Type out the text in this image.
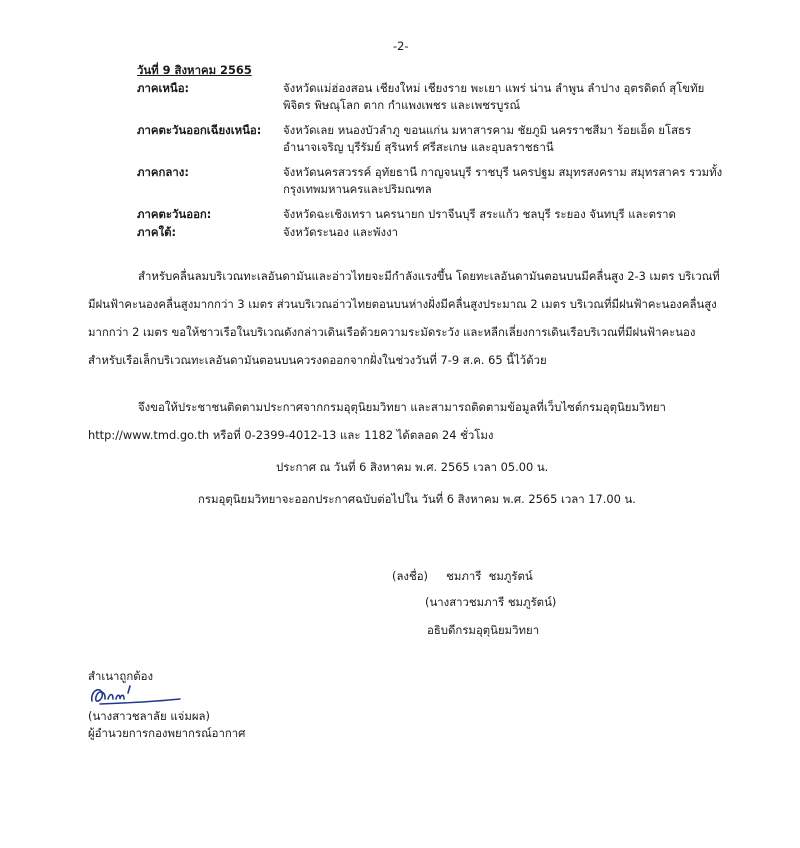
-2-
วันที่ 9 สิงหาคม 2565
ภาคเหนือ:	จังหวัดแม่ฮ่องสอน เชียงใหม่ เชียงราย พะเยา แพร่ น่าน ลำพูน ลำปาง อุตรดิตถ์ สุโขทัย
พิจิตร พิษณุโลก ตาก กำแพงเพชร และเพชรบูรณ์
ภาคตะวันออกเฉียงเหนือ: จังหวัดเลย หนองบัวลำภู ขอนแก่น มหาสารคาม ชัยภูมิ นครราชสีมา ร้อยเอ็ด ยโสธร
อำนาจเจริญ บุรีรัมย์ สุรินทร์ ศรีสะเกษ และอุบลราชธานี
ภาคกลาง:	จังหวัดนครสวรรค์ อุทัยธานี กาญจนบุรี ราชบุรี นครปฐม สมุทรสงคราม สมุทรสาคร รวมทั้ง
กรุงเทพมหานครและปริมณฑล
ภาคตะวันออก:	จังหวัดฉะเชิงเทรา นครนายก ปราจีนบุรี สระแก้ว ชลบุรี ระยอง จันทบุรี และตราด
ภาคใต้:	จังหวัดระนอง และพังงา
สำหรับคลื่นลมบริเวณทะเลอันดามันและอ่าวไทยจะมีกำลังแรงขึ้น โดยทะเลอันดามันตอนบนมีคลื่นสูง 2-3 เมตร บริเวณที่
มีฝนฟ้าคะนองคลื่นสูงมากกว่า 3 เมตร ส่วนบริเวณอ่าวไทยตอนบนห่างฝั่งมีคลื่นสูงประมาณ 2 เมตร บริเวณที่มีฝนฟ้าคะนองคลื่นสูง
มากกว่า 2 เมตร ขอให้ชาวเรือในบริเวณดังกล่าวเดินเรือด้วยความระมัดระวัง และหลีกเลี่ยงการเดินเรือบริเวณที่มีฝนฟ้าคะนอง
สำหรับเรือเล็กบริเวณทะเลอันดามันตอนบนควรงดออกจากฝั่งในช่วงวันที่ 7-9 ส.ค. 65 นี้ไว้ด้วย
จึงขอให้ประชาชนติดตามประกาศจากกรมอุตุนิยมวิทยา และสามารถติดตามข้อมูลที่เว็บไซต์กรมอุตุนิยมวิทยา
http://www.tmd.go.th หรือที่ 0-2399-4012-13 และ 1182 ได้ตลอด 24 ชั่วโมง
ประกาศ ณ วันที่ 6 สิงหาคม พ.ศ. 2565 เวลา 05.00 น.
กรมอุตุนิยมวิทยาจะออกประกาศฉบับต่อไปใน วันที่ 6 สิงหาคม พ.ศ. 2565 เวลา 17.00 น.
(ลงชื่อ)     ชมภารี  ชมภูรัตน์
(นางสาวชมภารี ชมภูรัตน์)
อธิบดีกรมอุตุนิยมวิทยา
สำเนาถูกต้อง
(นางสาวชลาลัย แจ่มผล)
ผู้อำนวยการกองพยากรณ์อากาศ
